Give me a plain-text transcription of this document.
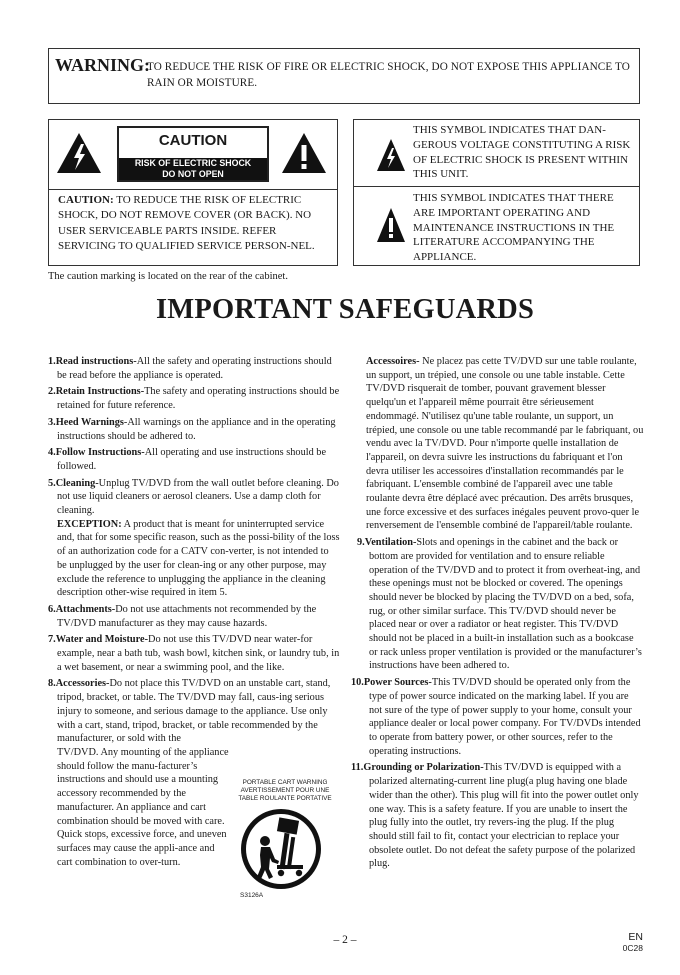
WARNING:
TO REDUCE THE RISK OF FIRE OR ELECTRIC SHOCK, DO NOT EXPOSE THIS APPLIANCE TO RAIN OR MOISTURE.
CAUTION
RISK OF ELECTRIC SHOCK
DO NOT OPEN
CAUTION: TO REDUCE THE RISK OF ELECTRIC SHOCK, DO NOT REMOVE COVER (OR BACK). NO USER SERVICEABLE PARTS INSIDE. REFER SERVICING TO QUALIFIED SERVICE PERSON-NEL.
THIS SYMBOL INDICATES THAT DAN-GEROUS VOLTAGE CONSTITUTING A RISK OF ELECTRIC SHOCK IS PRESENT WITHIN THIS UNIT.
THIS SYMBOL INDICATES THAT THERE ARE IMPORTANT OPERATING AND MAINTENANCE INSTRUCTIONS IN THE LITERATURE ACCOMPANYING THE APPLIANCE.
The caution marking is located on the rear of the cabinet.
IMPORTANT SAFEGUARDS
1.Read instructions-All the safety and operating instructions should be read before the appliance is operated.
2.Retain Instructions-The safety and operating instructions should be retained for future reference.
3.Heed Warnings-All warnings on the appliance and in the operating instructions should be adhered to.
4.Follow Instructions-All operating and use instructions should be followed.
5.Cleaning-Unplug TV/DVD from the wall outlet before cleaning. Do not use liquid cleaners or aerosol cleaners. Use a damp cloth for cleaning.
EXCEPTION: A product that is meant for uninterrupted service and, that for some specific reason, such as the possi-bility of the loss of an authorization code for a CATV con-verter, is not intended to be unplugged by the user for clean-ing or any other purpose, may exclude the reference to unplugging the appliance in the cleaning description other-wise required in item 5.
6.Attachments-Do not use attachments not recommended by the TV/DVD manufacturer as they may cause hazards.
7.Water and Moisture-Do not use this TV/DVD near water-for example, near a bath tub, wash bowl, kitchen sink, or laundry tub, in a wet basement, or near a swimming pool, and the like.
8.Accessories-Do not place this TV/DVD on an unstable cart, stand, tripod, bracket, or table. The TV/DVD may fall, caus-ing serious injury to someone, and serious damage to the appliance. Use only with a cart, stand, tripod, bracket, or table recommended by the manufacturer, or sold with the
TV/DVD. Any mounting of the appliance should follow the manu-facturer’s instructions and should use a mounting accessory recommended by the manufacturer. An appliance and cart combination should be moved with care. Quick stops, excessive force, and uneven surfaces may cause the appli-ance and cart combination to over-turn.
PORTABLE CART WARNING
AVERTISSEMENT POUR UNE
TABLE ROULANTE PORTATIVE
S3126A
Accessoires- Ne placez pas cette TV/DVD sur une table roulante, un support, un trépied, une console ou une table instable. Cette TV/DVD risquerait de tomber, pouvant gravement blesser quelqu'un et l'appareil même pourrait être sérieusement endommagé. N'utilisez qu'une table roulante, un support, un trépied, une console ou une table recommandé par le fabriquant, ou vendu avec la TV/DVD. Pour n'importe quelle installation de l'appareil, on devra suivre les instructions du fabriquant et l'on devra utiliser les accessoires d'installation recommandés par le fabriquant. L'ensemble combiné de l'appareil avec une table roulante devra être déplacé avec précaution. Des arrêts brusques, une force excessive et des surfaces inégales peuvent provo-quer le renversement de l'ensemble combiné de l'appareil/table roulante.
9.Ventilation-Slots and openings in the cabinet and the back or bottom are provided for ventilation and to ensure reliable operation of the TV/DVD and to protect it from overheat-ing, and these openings must not be blocked or covered. The openings should never be blocked by placing the TV/DVD on a bed, sofa, rug, or other similar surface. This TV/DVD should never be placed near or over a radiator or heat register. This TV/DVD should not be placed in a built-in installation such as a bookcase or rack unless proper ventilation is provided or the manufacturer’s instructions have been adhered to.
10.Power Sources-This TV/DVD should be operated only from the type of power source indicated on the marking label. If you are not sure of the type of power supply to your home, consult your appliance dealer or local power company. For TV/DVDs intended to operate from battery power, or other sources, refer to the operating instructions.
11.Grounding or Polarization-This TV/DVD is equipped with a polarized alternating-current line plug(a plug having one blade wider than the other). This plug will fit into the power outlet only one way. This is a safety feature. If you are unable to insert the plug fully into the outlet, try revers-ing the plug. If the plug should still fail to fit, contact your electrician to replace your obsolete outlet. Do not defeat the safety purpose of the polarized plug.
– 2 –	EN
0C28
